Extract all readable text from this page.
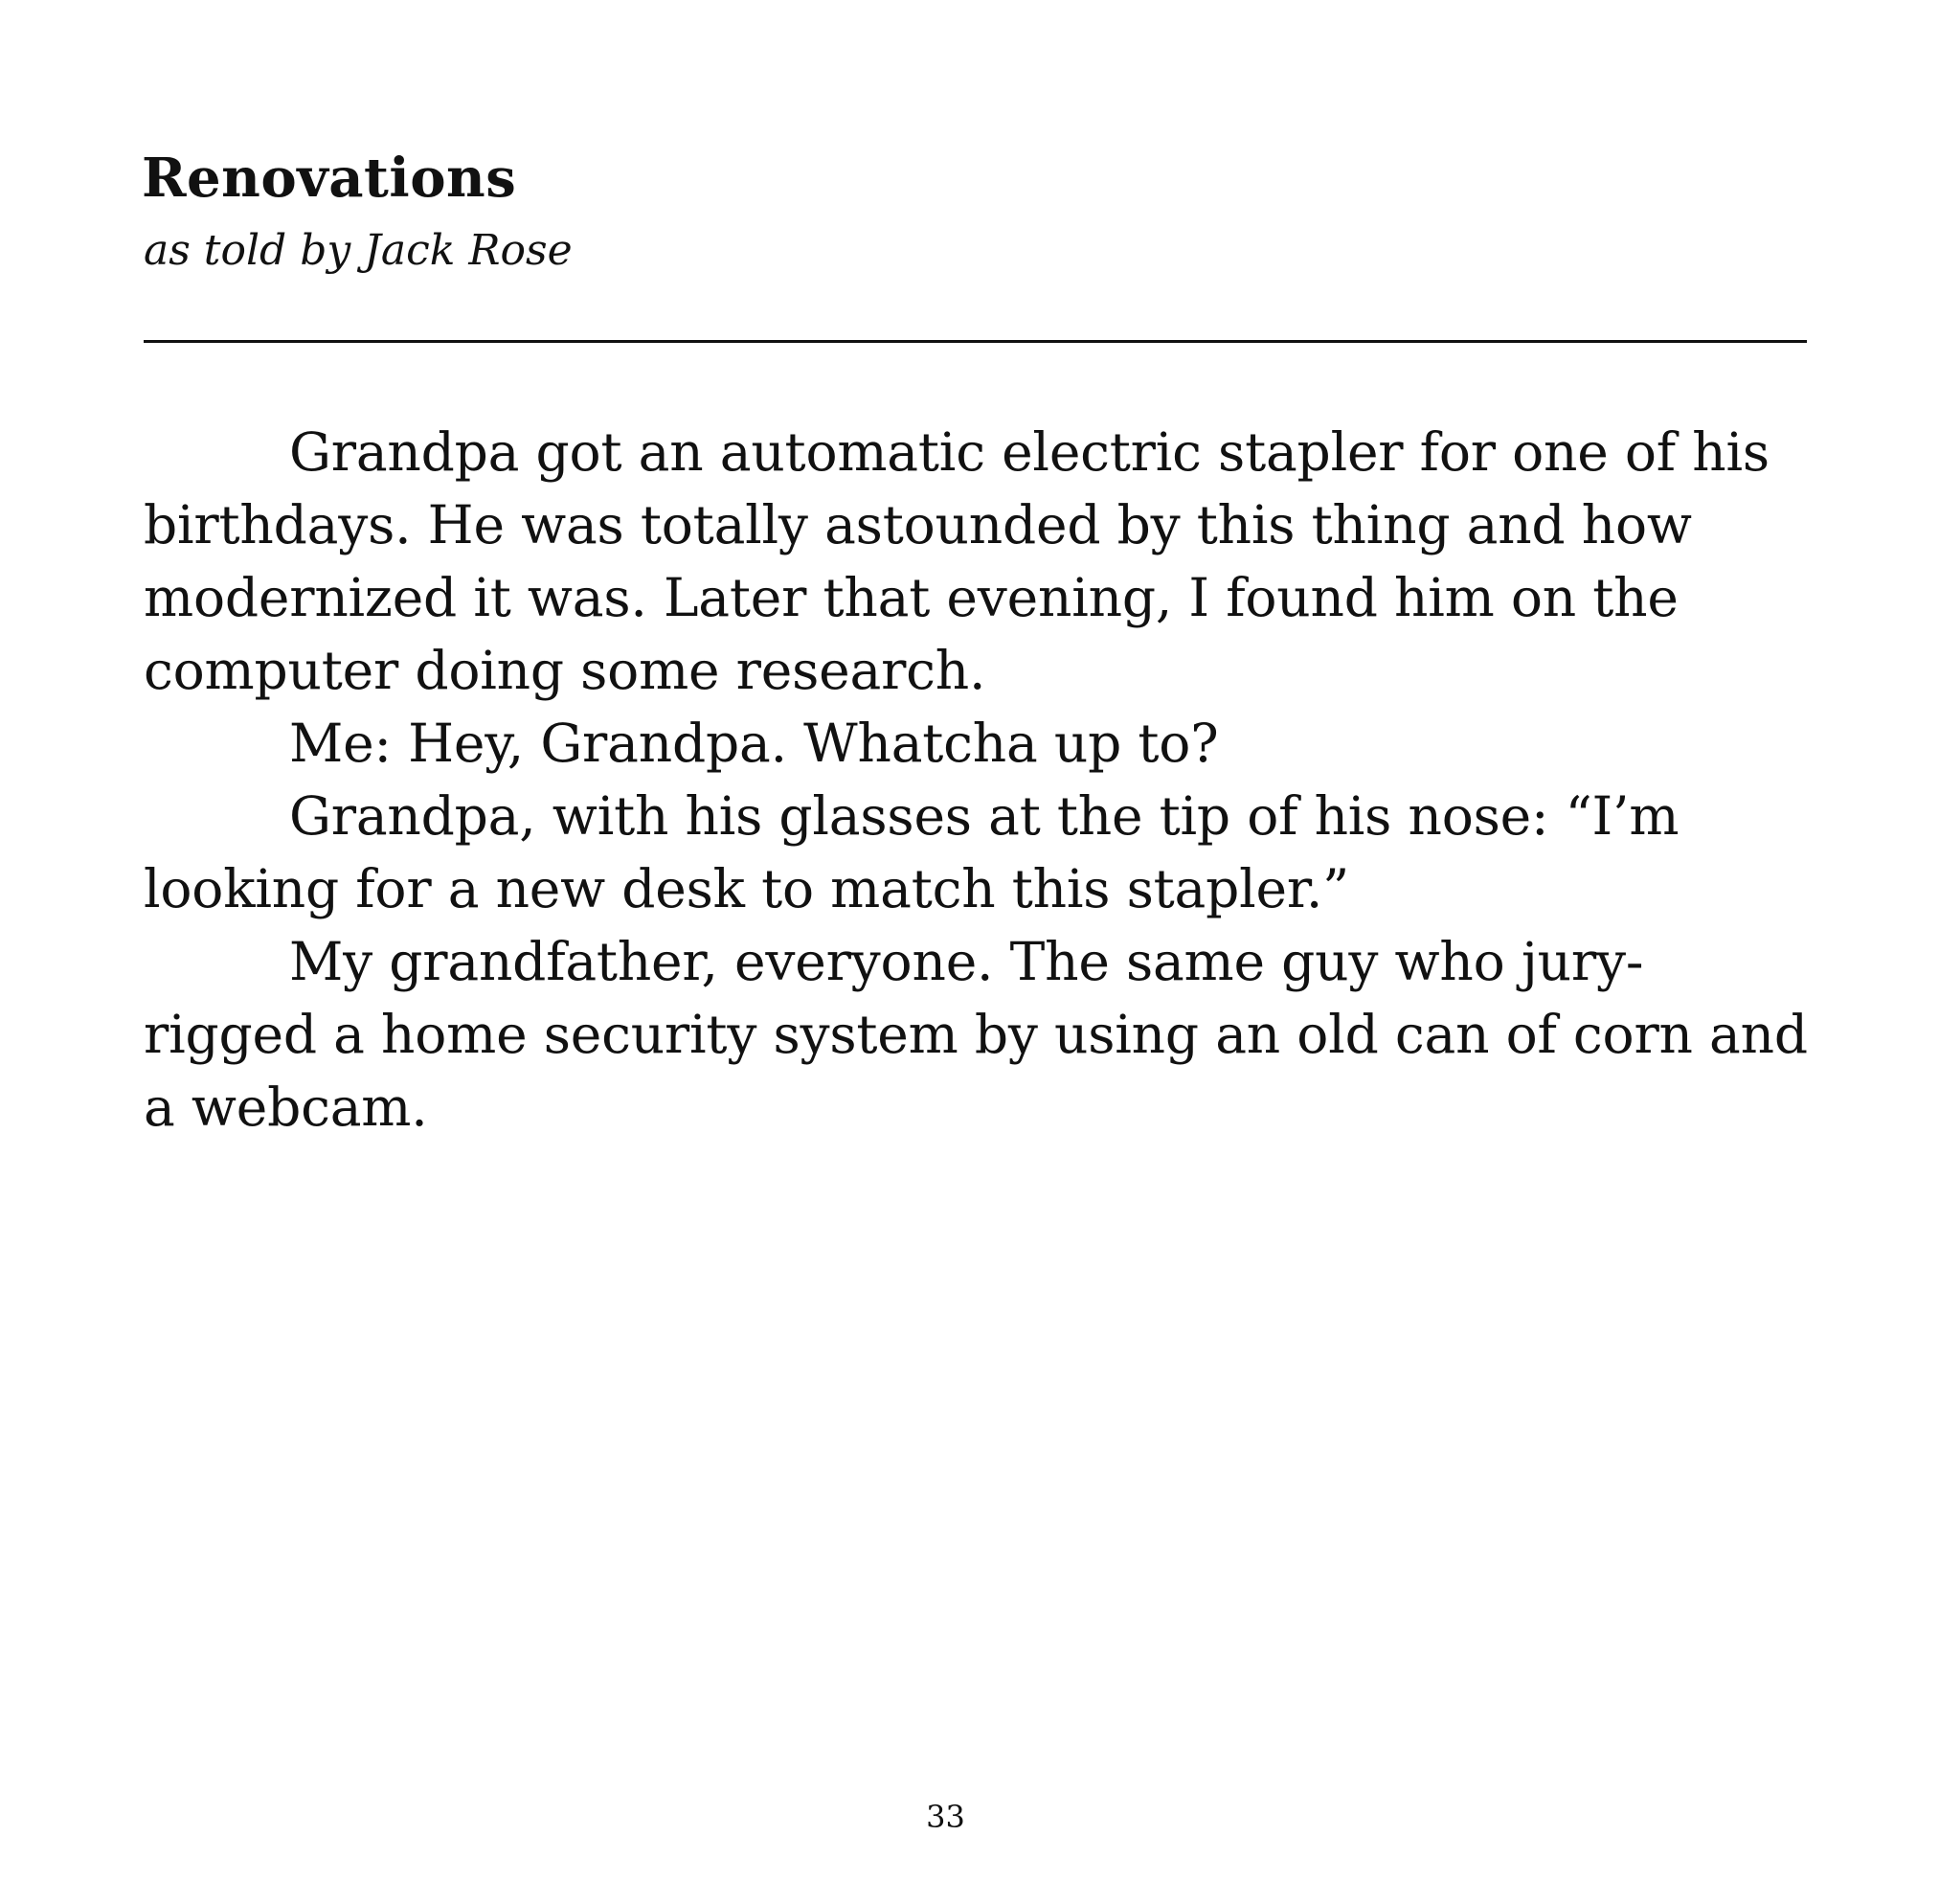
Renovations

as told by Jack Rose

Grandpa got an automatic electric stapler for one of his birthdays. He was totally astounded by this thing and how modernized it was. Later that evening, I found him on the computer doing some research.

Me: Hey, Grandpa. Whatcha up to?

Grandpa, with his glasses at the tip of his nose: “I’m looking for a new desk to match this stapler.”

My grandfather, everyone. The same guy who jury-rigged a home security system by using an old can of corn and a webcam.

33
